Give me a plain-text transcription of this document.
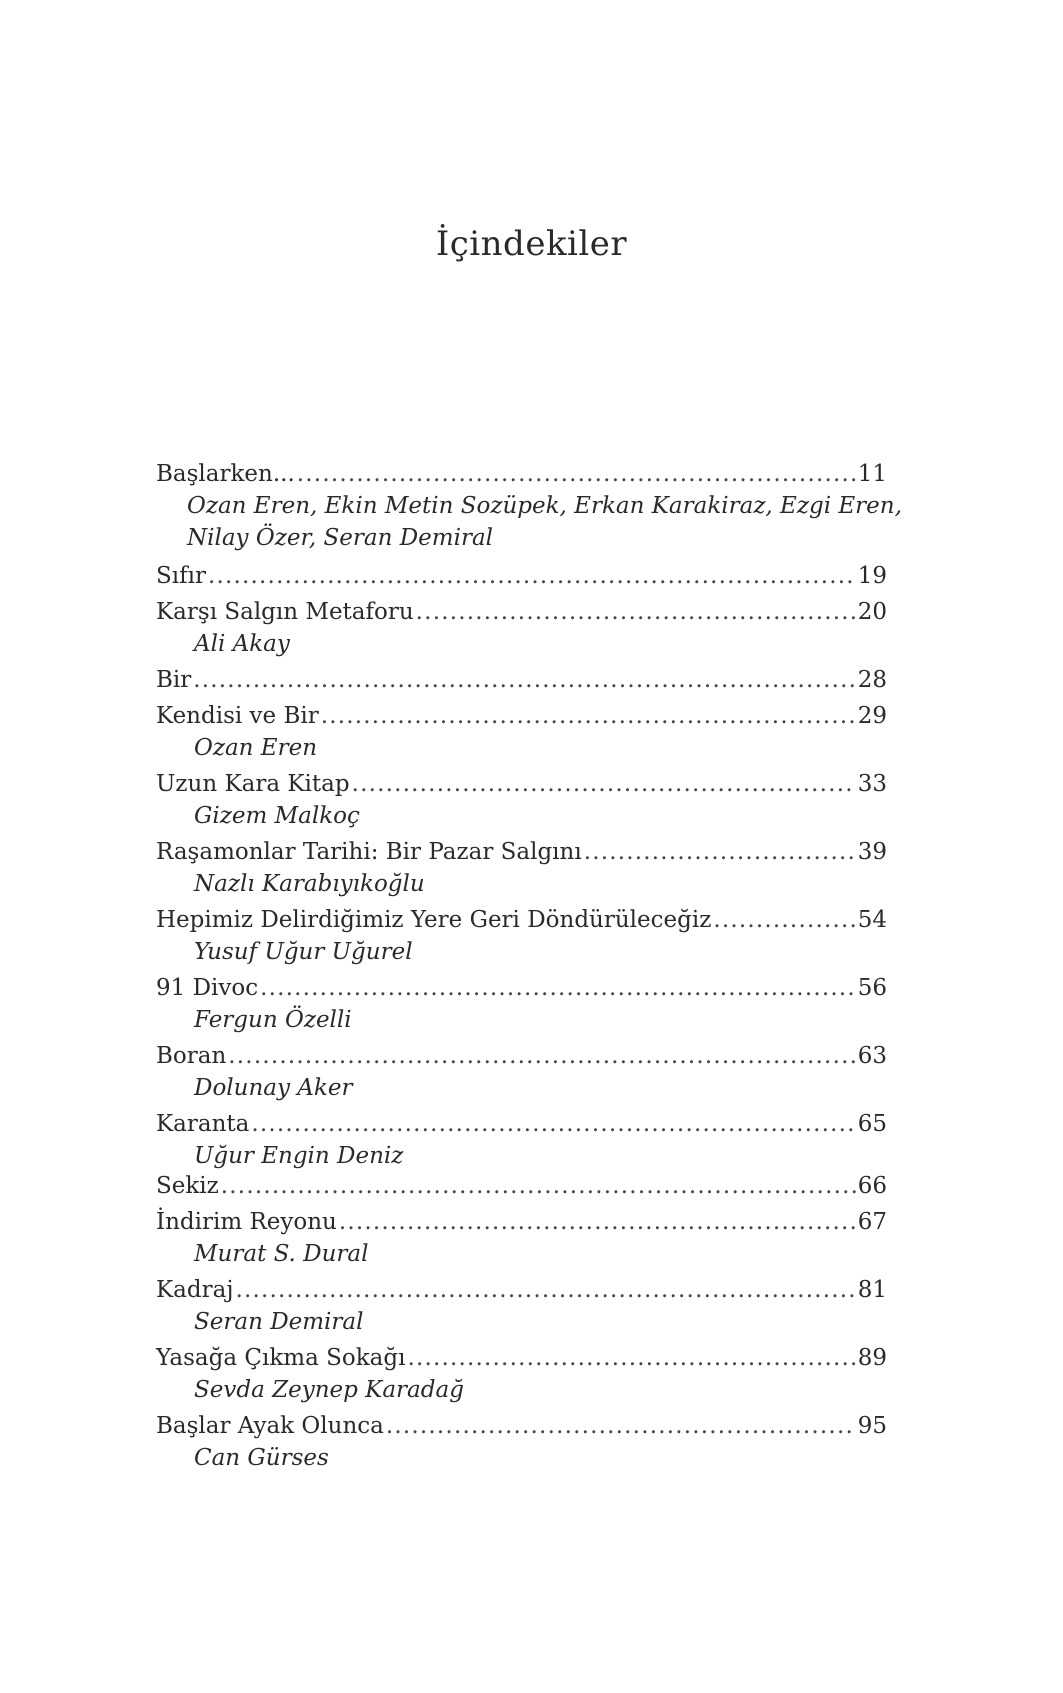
İçindekiler
Başlarken... .....	11
Ozan Eren, Ekin Metin Sozüpek, Erkan Karakiraz, Ezgi Eren,
Nilay Özer, Seran Demiral
Sıfır .....	19
Karşı Salgın Metaforu .....	20
Ali Akay
Bir .....	28
Kendisi ve Bir .....	29
Ozan Eren
Uzun Kara Kitap .....	33
Gizem Malkoç
Raşamonlar Tarihi: Bir Pazar Salgını .....	39
Nazlı Karabıyıkoğlu
Hepimiz Delirdiğimiz Yere Geri Döndürüleceğiz .....	54
Yusuf Uğur Uğurel
91 Divoc .....	56
Fergun Özelli
Boran .....	63
Dolunay Aker
Karanta .....	65
Uğur Engin Deniz
Sekiz .....	66
İndirim Reyonu .....	67
Murat S. Dural
Kadraj .....	81
Seran Demiral
Yasağa Çıkma Sokağı .....	89
Sevda Zeynep Karadağ
Başlar Ayak Olunca .....	95
Can Gürses
